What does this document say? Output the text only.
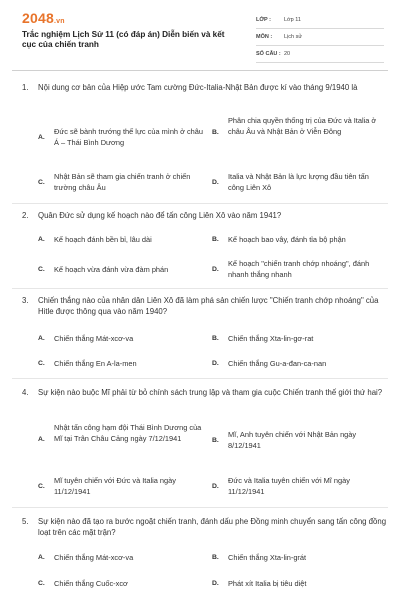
2048.vn
Trắc nghiệm Lịch Sử 11 (có đáp án) Diễn biến và kết cục của chiến tranh
LỚP : Lớp 11
MÔN : Lịch sử
SỐ CÂU : 20
1.	Nội dung cơ bản của Hiệp ước Tam cường Đức-Italia-Nhật Bản được kí vào tháng 9/1940 là
A.
Đức sẽ bành trướng thế lực của mình ở châu Á – Thái Bình Dương
B.
Phân chia quyền thống trị của Đức và Italia ở châu Âu và Nhật Bản ở Viễn Đông
C.
Nhật Bản sẽ tham gia chiến tranh ở chiến trường châu Âu
D.
Italia và Nhật Bản là lực lượng đầu tiên tấn công Liên Xô
2.	Quân Đức sử dụng kế hoạch nào để tấn công Liên Xô vào năm 1941?
A. Kế hoạch đánh bền bỉ, lâu dài	B. Kế hoạch bao vây, đánh tỉa bộ phận
C. Kế hoạch vừa đánh vừa đàm phán	D.
Kế hoạch "chiến tranh chớp nhoáng", đánh nhanh thắng nhanh
3.	Chiến thắng nào của nhân dân Liên Xô đã làm phá sản chiến lược "Chiến tranh chớp nhoáng" của Hitle được thông qua vào năm 1940?
A. Chiến thắng Mát-xcơ-va	B. Chiến thắng Xta-lin-gơ-rat
C. Chiến thắng En A-la-men	D. Chiến thắng Gu-a-đan-ca-nan
4.	Sự kiện nào buộc Mĩ phải từ bỏ chính sách trung lập và tham gia cuộc Chiến tranh thế giới thứ hai?
A.
Nhật tấn công hạm đội Thái Bình Dương của Mĩ tại Trân Châu Cảng ngày 7/12/1941	B.
Mĩ, Anh tuyên chiến với Nhật Bản ngày 8/12/1941
C.
Mĩ tuyên chiến với Đức và Italia ngày 11/12/1941
D.
Đức và Italia tuyên chiến với Mĩ ngày 11/12/1941
5.	Sự kiện nào đã tạo ra bước ngoặt chiến tranh, đánh dấu phe Đồng minh chuyển sang tấn công đồng loạt trên các mặt trận?
A. Chiến thắng Mát-xcơ-va	B. Chiến thắng Xta-lin-grát
C. Chiến thắng Cuốc-xcơ	D. Phát xít Italia bị tiêu diệt
